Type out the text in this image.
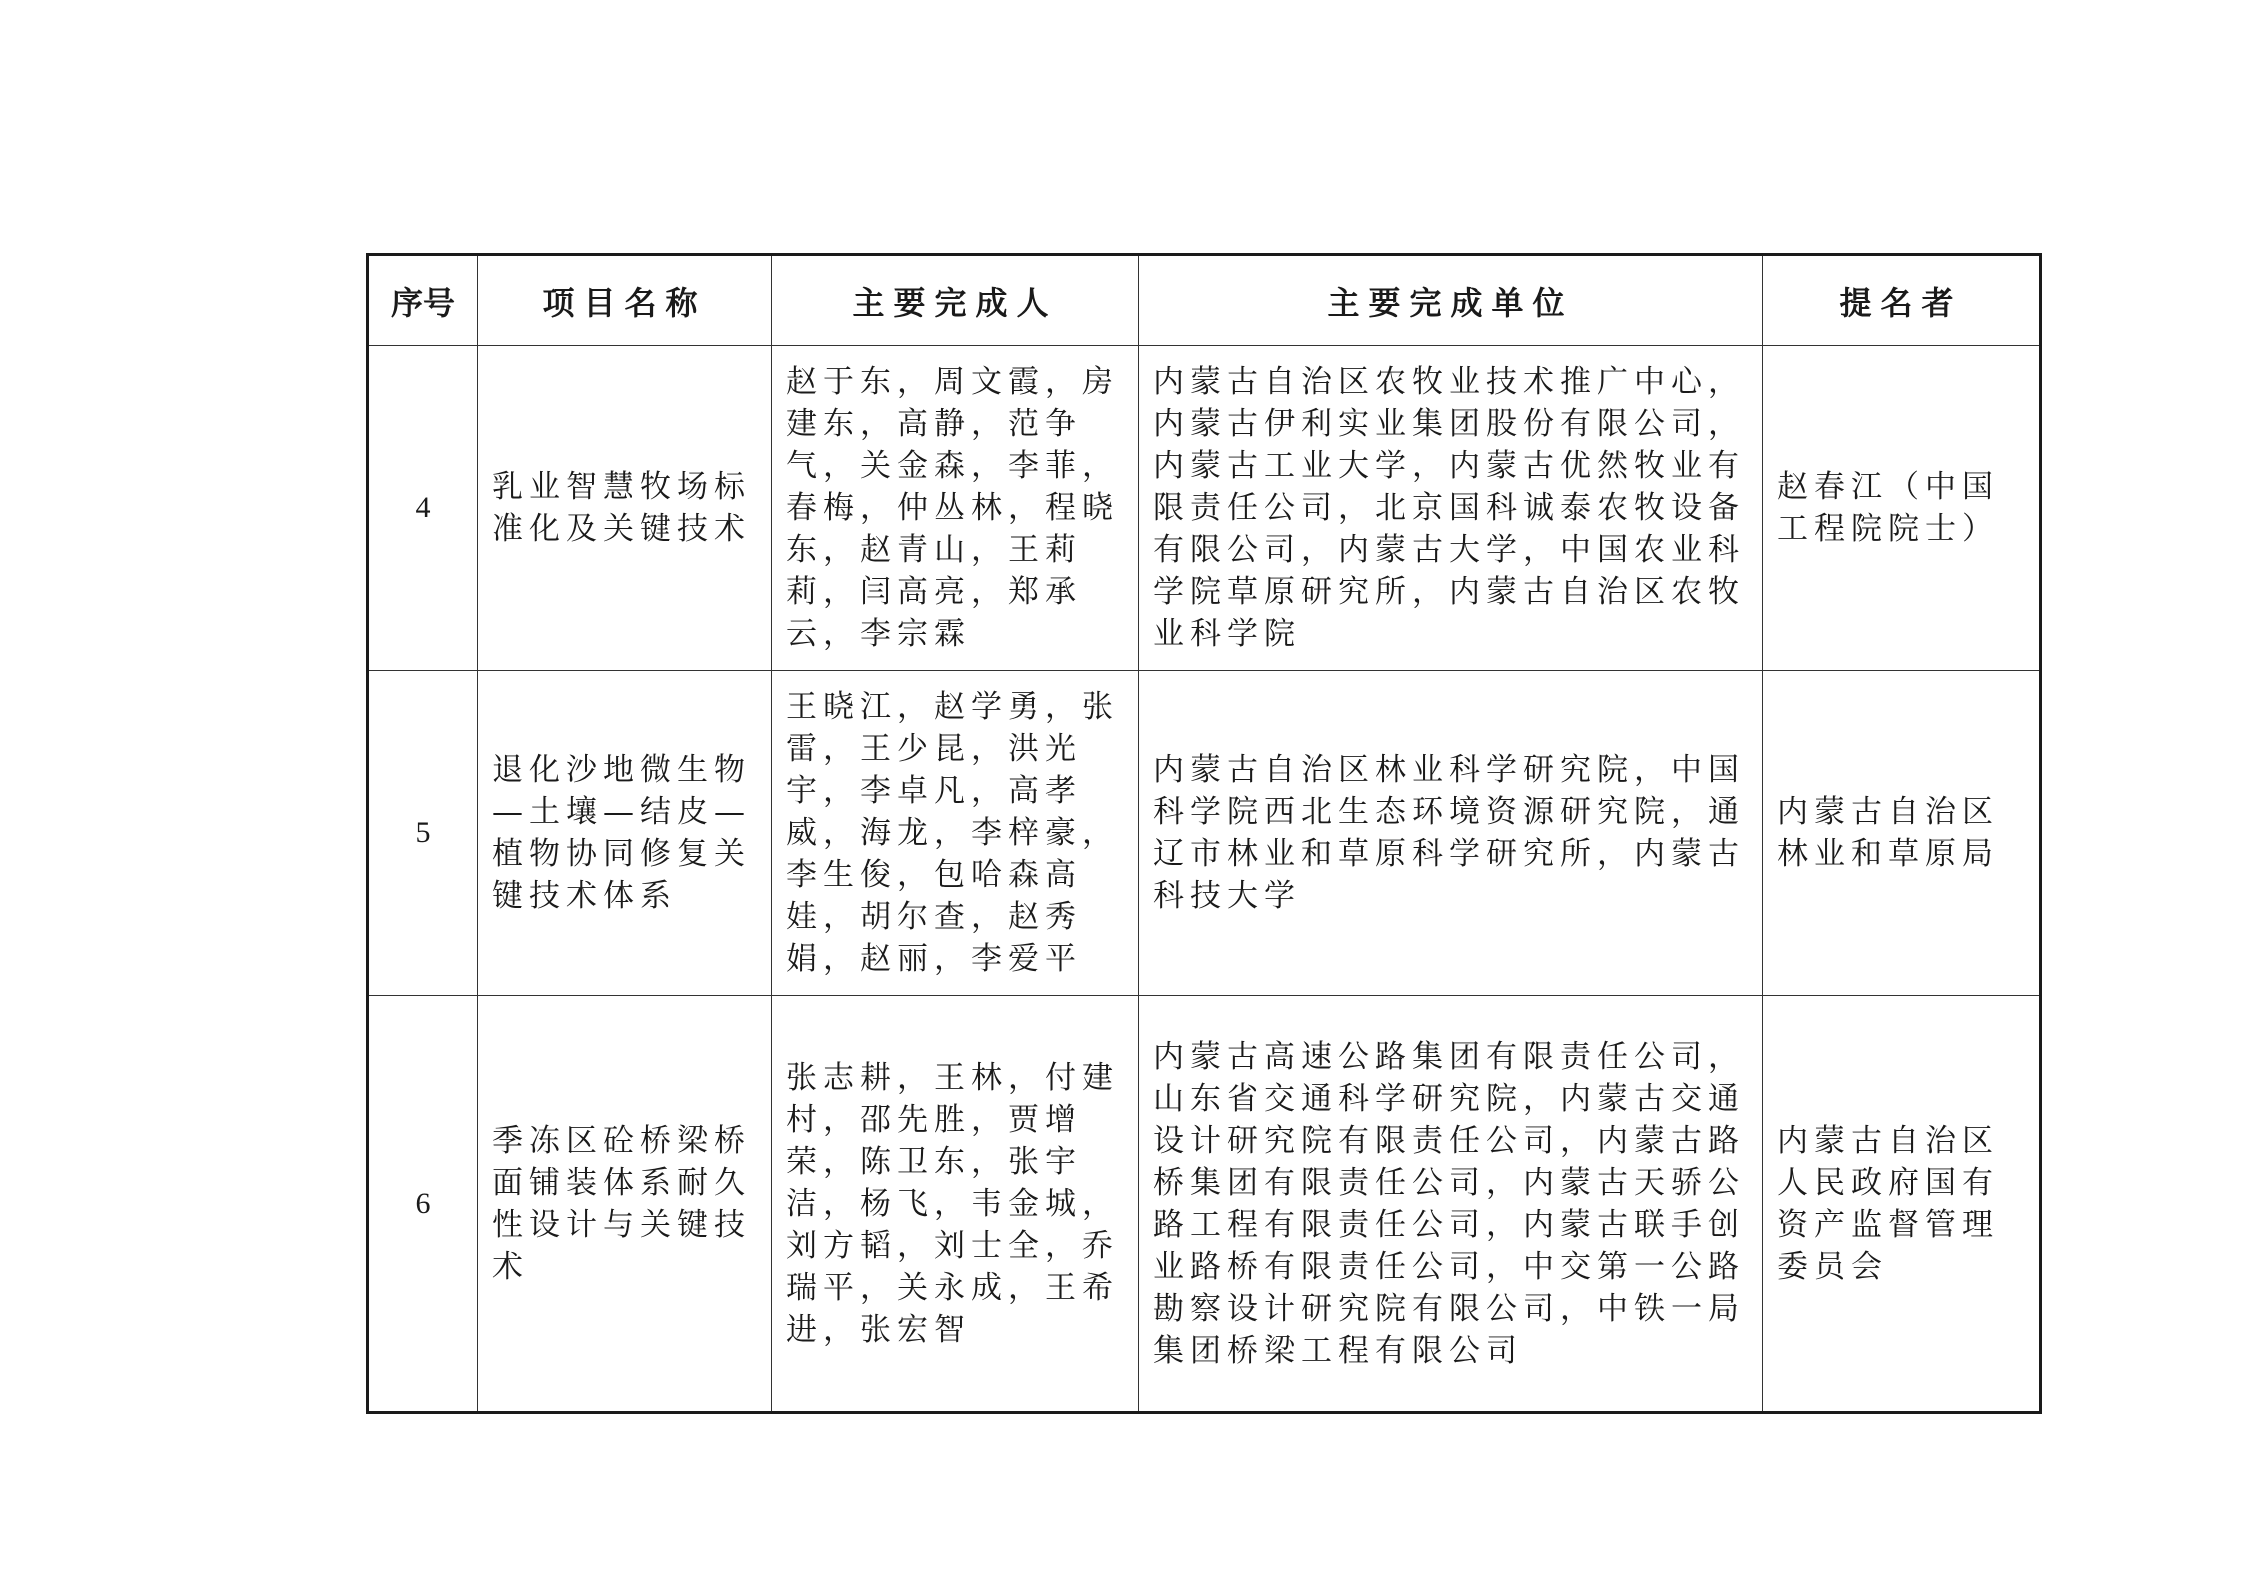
序号	项目名称	主要完成人	主要完成单位	提名者
4	乳业智慧牧场标准化及关键技术	赵于东，周文霞，房建东，高静，范争气，关金森，李菲，春梅，仲丛林，程晓东，赵青山，王莉莉，闫高亮，郑承云，李宗霖	内蒙古自治区农牧业技术推广中心，内蒙古伊利实业集团股份有限公司，内蒙古工业大学，内蒙古优然牧业有限责任公司，北京国科诚泰农牧设备有限公司，内蒙古大学，中国农业科学院草原研究所，内蒙古自治区农牧业科学院	赵春江（中国工程院院士）
5	退化沙地微生物—土壤—结皮—植物协同修复关键技术体系	王晓江，赵学勇，张雷，王少昆，洪光宇，李卓凡，高孝威，海龙，李梓豪，李生俊，包哈森高娃，胡尔查，赵秀娟，赵丽，李爱平	内蒙古自治区林业科学研究院，中国科学院西北生态环境资源研究院，通辽市林业和草原科学研究所，内蒙古科技大学	内蒙古自治区林业和草原局
6	季冻区砼桥梁桥面铺装体系耐久性设计与关键技术	张志耕，王林，付建村，邵先胜，贾增荣，陈卫东，张宇洁，杨飞，韦金城，刘方韬，刘士全，乔瑞平，关永成，王希进，张宏智	内蒙古高速公路集团有限责任公司，山东省交通科学研究院，内蒙古交通设计研究院有限责任公司，内蒙古路桥集团有限责任公司，内蒙古天骄公路工程有限责任公司，内蒙古联手创业路桥有限责任公司，中交第一公路勘察设计研究院有限公司，中铁一局集团桥梁工程有限公司	内蒙古自治区人民政府国有资产监督管理委员会
